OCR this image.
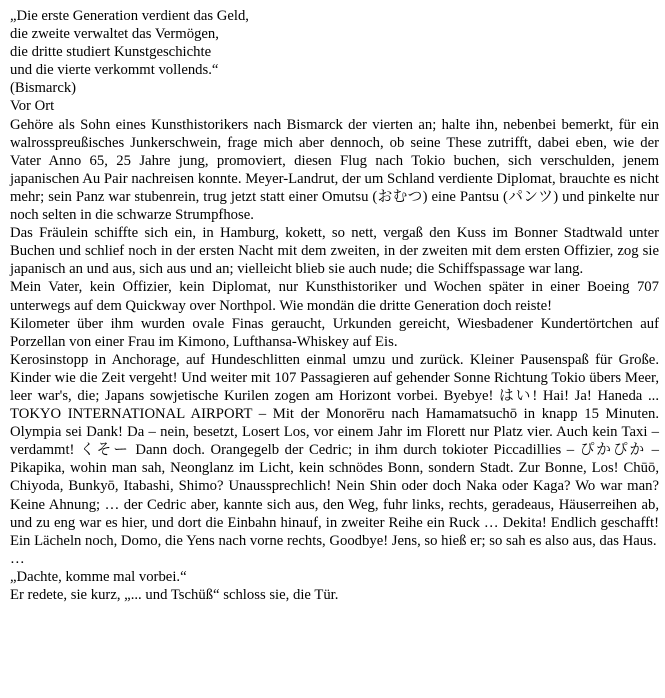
„Die erste Generation verdient das Geld,
die zweite verwaltet das Vermögen,
die dritte studiert Kunstgeschichte
und die vierte verkommt vollends.“
(Bismarck)
Vor Ort

Gehöre als Sohn eines Kunsthistorikers nach Bismarck der vierten an; halte ihn, nebenbei bemerkt, für ein walrosspreußisches Junkerschwein, frage mich aber dennoch, ob seine These zutrifft, dabei eben, wie der Vater Anno 65, 25 Jahre jung, promoviert, diesen Flug nach Tokio buchen, sich verschulden, jenem japanischen Au Pair nachreisen konnte. Meyer-Landrut, der um Schland verdiente Diplomat, brauchte es nicht mehr; sein Panz war stubenrein, trug jetzt statt einer Omutsu (おむつ) eine Pantsu (パンツ) und pinkelte nur noch selten in die schwarze Strumpfhose.

Das Fräulein schiffte sich ein, in Hamburg, kokett, so nett, vergaß den Kuss im Bonner Stadtwald unter Buchen und schlief noch in der ersten Nacht mit dem zweiten, in der zweiten mit dem ersten Offizier, zog sie japanisch an und aus, sich aus und an; vielleicht blieb sie auch nude; die Schiffspassage war lang.

Mein Vater, kein Offizier, kein Diplomat, nur Kunsthistoriker und Wochen später in einer Boeing 707 unterwegs auf dem Quickway over Northpol. Wie mondän die dritte Generation doch reiste!

Kilometer über ihm wurden ovale Finas geraucht, Urkunden gereicht, Wiesbadener Kundertörtchen auf Porzellan von einer Frau im Kimono, Lufthansa-Whiskey auf Eis.

Kerosinstopp in Anchorage, auf Hundeschlitten einmal umzu und zurück. Kleiner Pausenspaß für Große. Kinder wie die Zeit vergeht! Und weiter mit 107 Passagieren auf gehender Sonne Richtung Tokio übers Meer, leer war's, die; Japans sowjetische Kurilen zogen am Horizont vorbei. Byebye! はい! Hai! Ja! Haneda ... TOKYO INTERNATIONAL AIRPORT – Mit der Monorēru nach Hamamatsuchō in knapp 15 Minuten. Olympia sei Dank! Da – nein, besetzt, Losert Los, vor einem Jahr im Florett nur Platz vier. Auch kein Taxi – verdammt! くそー Dann doch. Orangegelb der Cedric; in ihm durch tokioter Piccadillies – ぴかぴか – Pikapika, wohin man sah, Neonglanz im Licht, kein schnödes Bonn, sondern Stadt. Zur Bonne, Los! Chūō, Chiyoda, Bunkyō, Itabashi, Shimo? Unaussprechlich! Nein Shin oder doch Naka oder Kaga? Wo war man? Keine Ahnung; … der Cedric aber, kannte sich aus, den Weg, fuhr links, rechts, geradeaus, Häuserreihen ab, und zu eng war es hier, und dort die Einbahn hinauf, in zweiter Reihe ein Ruck … Dekita! Endlich geschafft! Ein Lächeln noch, Domo, die Yens nach vorne rechts, Goodbye! Jens, so hieß er; so sah es also aus, das Haus.

…
„Dachte, komme mal vorbei.“
Er redete, sie kurz, „... und Tschüß“ schloss sie, die Tür.
